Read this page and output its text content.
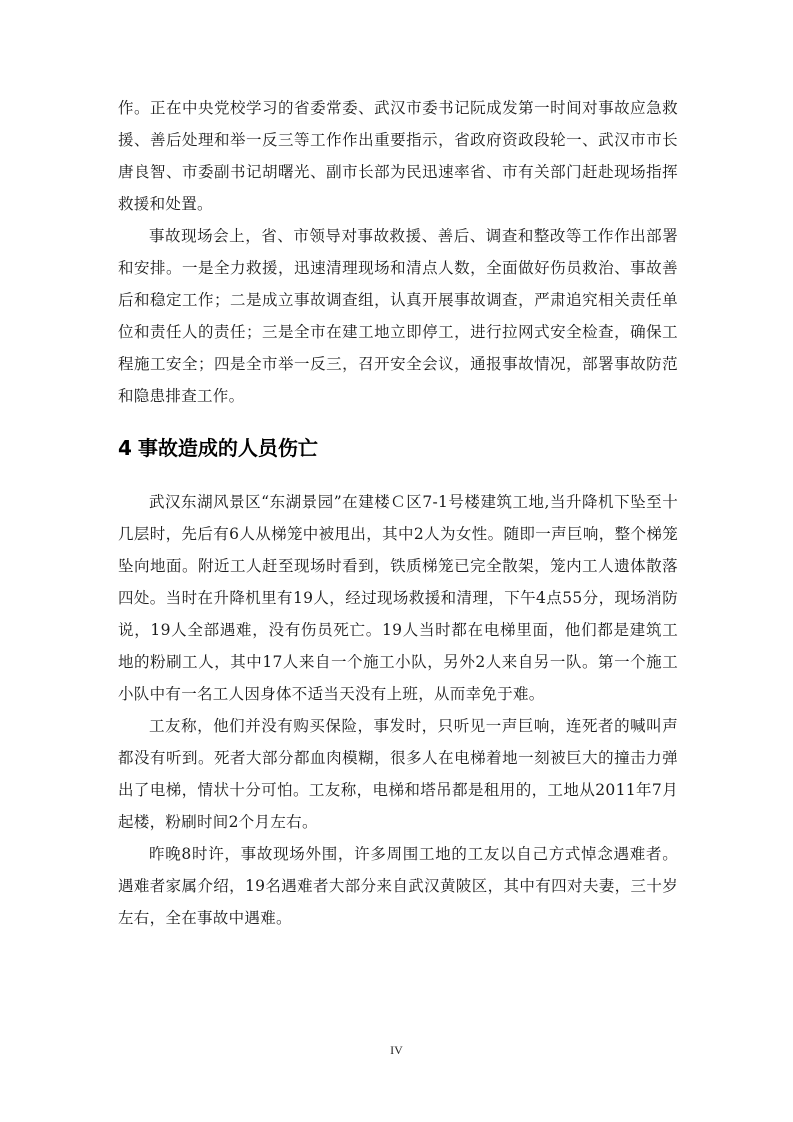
作。正在中央党校学习的省委常委、武汉市委书记阮成发第一时间对事故应急救援、善后处理和举一反三等工作作出重要指示，省政府资政段轮一、武汉市市长唐良智、市委副书记胡曙光、副市长部为民迅速率省、市有关部门赶赴现场指挥救援和处置。

事故现场会上，省、市领导对事故救援、善后、调查和整改等工作作出部署和安排。一是全力救援，迅速清理现场和清点人数，全面做好伤员救治、事故善后和稳定工作；二是成立事故调查组，认真开展事故调查，严肃追究相关责任单位和责任人的责任；三是全市在建工地立即停工，进行拉网式安全检查，确保工程施工安全；四是全市举一反三，召开安全会议，通报事故情况，部署事故防范和隐患排查工作。

4 事故造成的人员伤亡

武汉东湖风景区“东湖景园”在建楼Ｃ区7-1号楼建筑工地,当升降机下坠至十几层时，先后有6人从梯笼中被甩出，其中2人为女性。随即一声巨响，整个梯笼坠向地面。附近工人赶至现场时看到，铁质梯笼已完全散架，笼内工人遗体散落四处。当时在升降机里有19人，经过现场救援和清理，下午4点55分，现场消防说，19人全部遇难，没有伤员死亡。19人当时都在电梯里面，他们都是建筑工地的粉刷工人，其中17人来自一个施工小队，另外2人来自另一队。第一个施工小队中有一名工人因身体不适当天没有上班，从而幸免于难。

工友称，他们并没有购买保险，事发时，只听见一声巨响，连死者的喊叫声都没有听到。死者大部分都血肉模糊，很多人在电梯着地一刻被巨大的撞击力弹出了电梯，情状十分可怕。工友称，电梯和塔吊都是租用的，工地从2011年7月起楼，粉刷时间2个月左右。

昨晚8时许，事故现场外围，许多周围工地的工友以自己方式悼念遇难者。遇难者家属介绍，19名遇难者大部分来自武汉黄陂区，其中有四对夫妻，三十岁左右，全在事故中遇难。

IV
